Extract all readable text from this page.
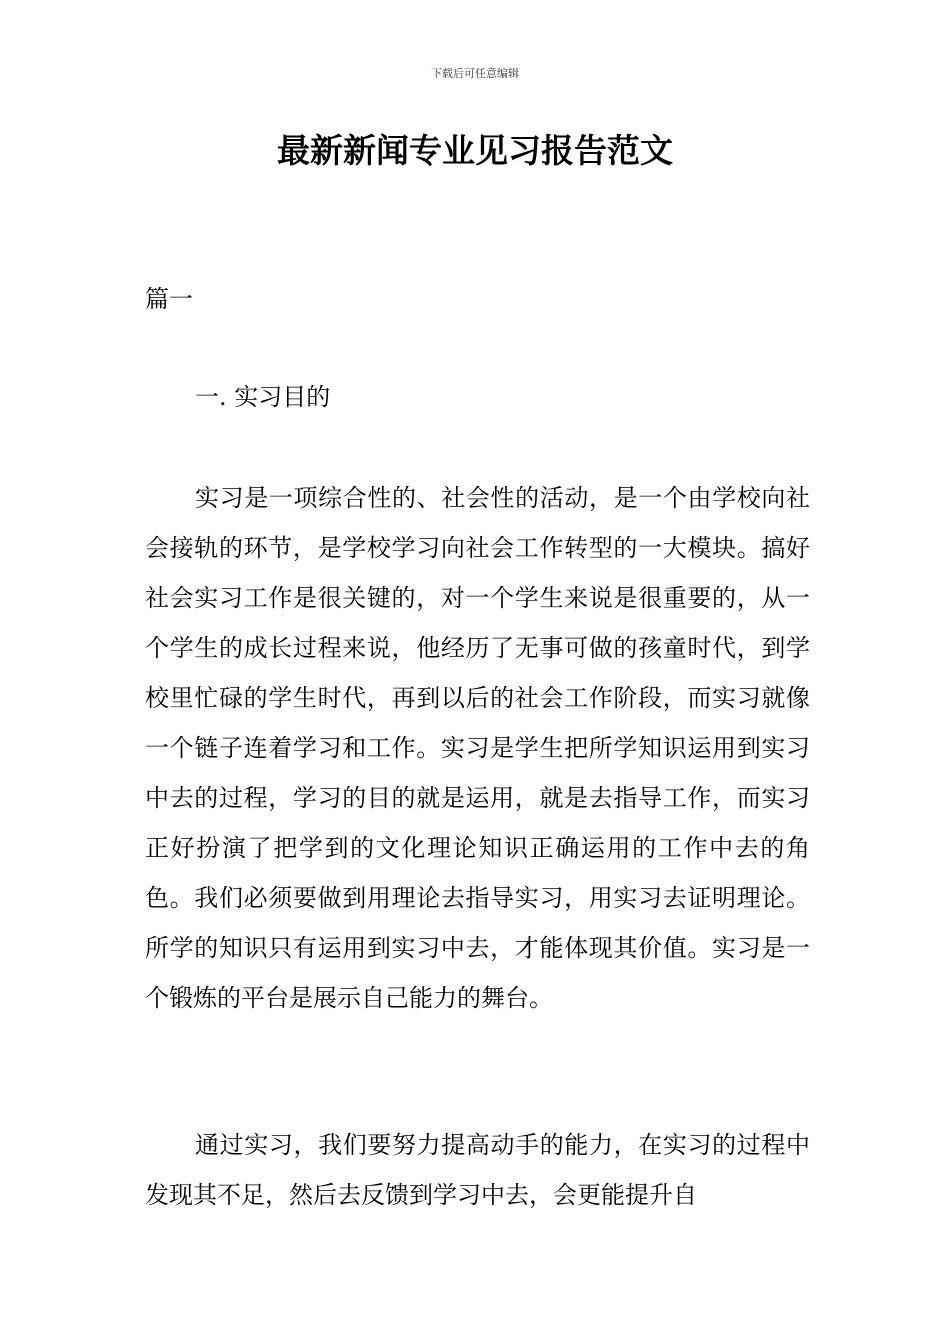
下载后可任意编辑
最新新闻专业见习报告范文

篇一

一. 实习目的

实习是一项综合性的、社会性的活动，是一个由学校向社会接轨的环节，是学校学习向社会工作转型的一大模块。搞好社会实习工作是很关键的，对一个学生来说是很重要的，从一个学生的成长过程来说，他经历了无事可做的孩童时代，到学校里忙碌的学生时代，再到以后的社会工作阶段，而实习就像一个链子连着学习和工作。实习是学生把所学知识运用到实习中去的过程，学习的目的就是运用，就是去指导工作，而实习正好扮演了把学到的文化理论知识正确运用的工作中去的角色。我们必须要做到用理论去指导实习，用实习去证明理论。所学的知识只有运用到实习中去，才能体现其价值。实习是一个锻炼的平台是展示自己能力的舞台。

通过实习，我们要努力提高动手的能力，在实习的过程中发现其不足，然后去反馈到学习中去，会更能提升自
